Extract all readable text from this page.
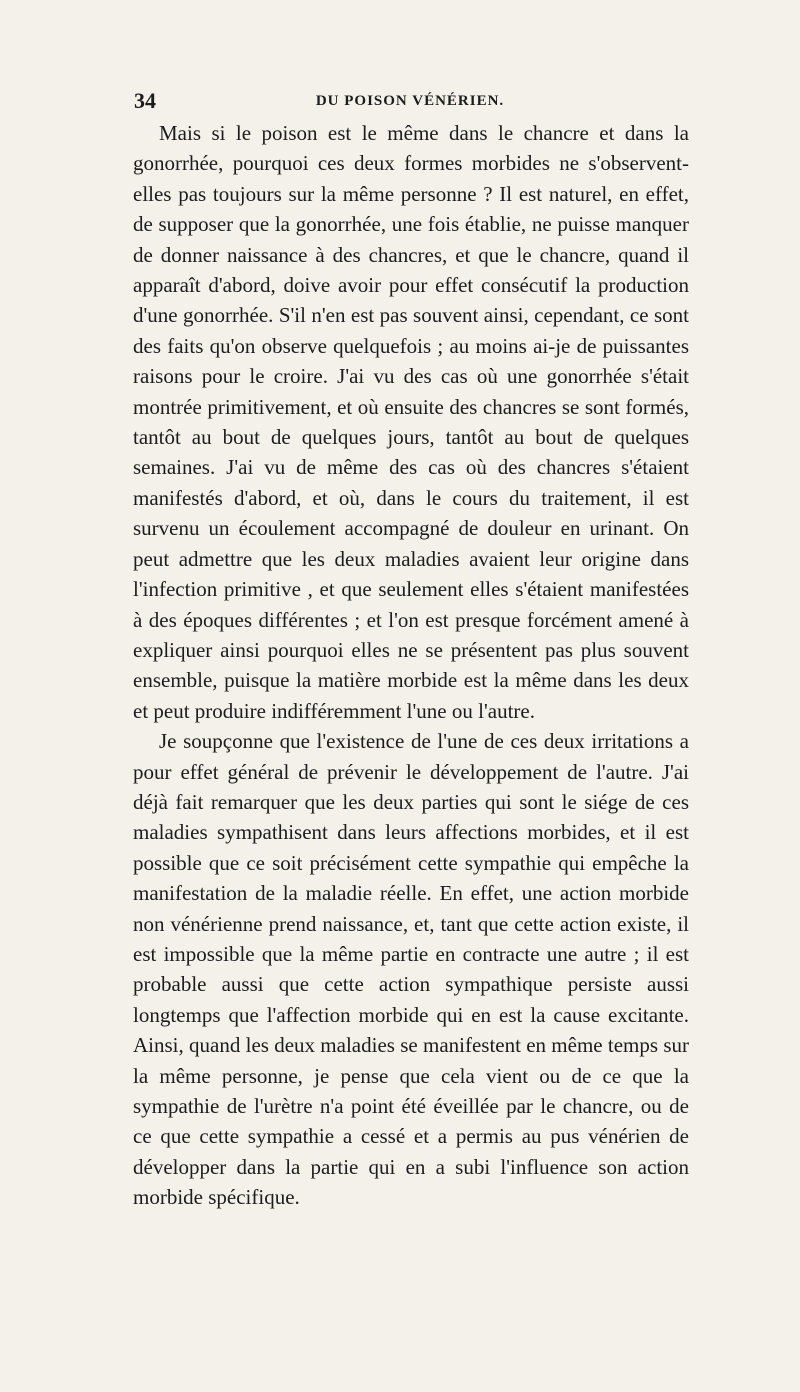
34	DU POISON VÉNÉRIEN.

Mais si le poison est le même dans le chancre et dans la gonorrhée, pourquoi ces deux formes morbides ne s'observent-elles pas toujours sur la même personne ? Il est naturel, en effet, de supposer que la gonorrhée, une fois établie, ne puisse manquer de donner naissance à des chancres, et que le chancre, quand il apparaît d'abord, doive avoir pour effet consécutif la production d'une gonorrhée. S'il n'en est pas souvent ainsi, cependant, ce sont des faits qu'on observe quelquefois ; au moins ai-je de puissantes raisons pour le croire. J'ai vu des cas où une gonorrhée s'était montrée primitivement, et où ensuite des chancres se sont formés, tantôt au bout de quelques jours, tantôt au bout de quelques semaines. J'ai vu de même des cas où des chancres s'étaient manifestés d'abord, et où, dans le cours du traitement, il est survenu un écoulement accompagné de douleur en urinant. On peut admettre que les deux maladies avaient leur origine dans l'infection primitive , et que seulement elles s'étaient manifestées à des époques différentes ; et l'on est presque forcément amené à expliquer ainsi pourquoi elles ne se présentent pas plus souvent ensemble, puisque la matière morbide est la même dans les deux et peut produire indifféremment l'une ou l'autre.

Je soupçonne que l'existence de l'une de ces deux irritations a pour effet général de prévenir le développement de l'autre. J'ai déjà fait remarquer que les deux parties qui sont le siége de ces maladies sympathisent dans leurs affections morbides, et il est possible que ce soit précisément cette sympathie qui empêche la manifestation de la maladie réelle. En effet, une action morbide non vénérienne prend naissance, et, tant que cette action existe, il est impossible que la même partie en contracte une autre ; il est probable aussi que cette action sympathique persiste aussi longtemps que l'affection morbide qui en est la cause excitante. Ainsi, quand les deux maladies se manifestent en même temps sur la même personne, je pense que cela vient ou de ce que la sympathie de l'urètre n'a point été éveillée par le chancre, ou de ce que cette sympathie a cessé et a permis au pus vénérien de développer dans la partie qui en a subi l'influence son action morbide spécifique.
